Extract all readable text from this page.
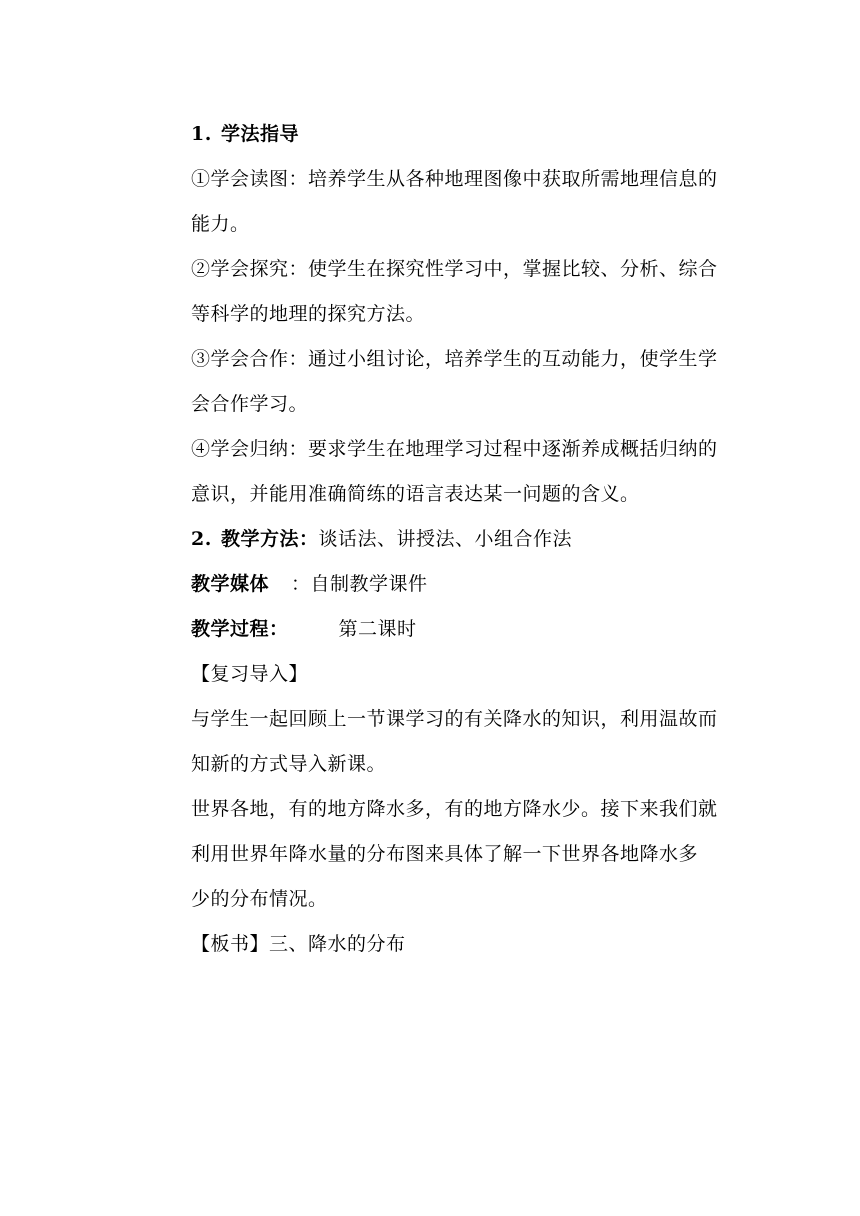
1. 学法指导
①学会读图：培养学生从各种地理图像中获取所需地理信息的
能力。
②学会探究：使学生在探究性学习中，掌握比较、分析、综合
等科学的地理的探究方法。
③学会合作：通过小组讨论，培养学生的互动能力，使学生学
会合作学习。
④学会归纳：要求学生在地理学习过程中逐渐养成概括归纳的
意识，并能用准确简练的语言表达某一问题的含义。
2. 教学方法：谈话法、讲授法、小组合作法
教学媒体 ：自制教学课件
教学过程：	第二课时
【复习导入】
与学生一起回顾上一节课学习的有关降水的知识，利用温故而
知新的方式导入新课。
世界各地，有的地方降水多，有的地方降水少。接下来我们就
利用世界年降水量的分布图来具体了解一下世界各地降水多
少的分布情况。
【板书】三、降水的分布
